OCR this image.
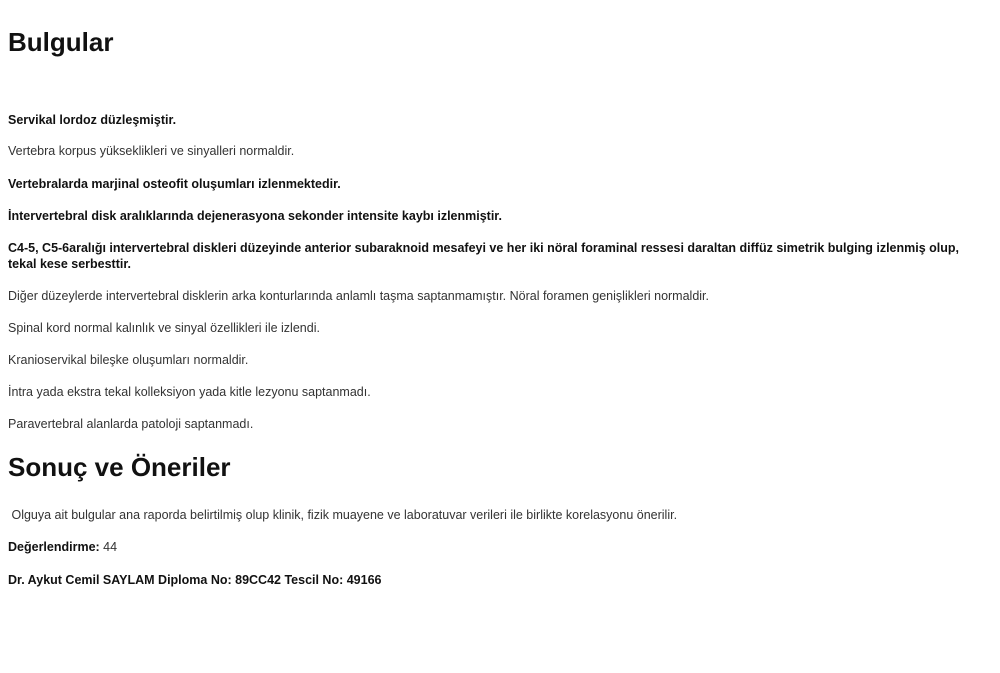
Bulgular

Servikal lordoz düzleşmiştir.

Vertebra korpus yükseklikleri ve sinyalleri normaldir.

Vertebralarda marjinal osteofit oluşumları izlenmektedir.

İntervertebral disk aralıklarında dejenerasyona sekonder intensite kaybı izlenmiştir.

C4-5, C5-6aralığı intervertebral diskleri düzeyinde anterior subaraknoid mesafeyi ve her iki nöral foraminal ressesi daraltan diffüz simetrik bulging izlenmiş olup, tekal kese serbesttir.

Diğer düzeylerde intervertebral disklerin arka konturlarında anlamlı taşma saptanmamıştır. Nöral foramen genişlikleri normaldir.

Spinal kord normal kalınlık ve sinyal özellikleri ile izlendi.

Kranioservikal bileşke oluşumları normaldir.

İntra yada ekstra tekal kolleksiyon yada kitle lezyonu saptanmadı.

Paravertebral alanlarda patoloji saptanmadı.

Sonuç ve Öneriler

Olguya ait bulgular ana raporda belirtilmiş olup klinik, fizik muayene ve laboratuvar verileri ile birlikte korelasyonu önerilir.

Değerlendirme: 44

Dr. Aykut Cemil SAYLAM Diploma No: 89CC42 Tescil No: 49166
